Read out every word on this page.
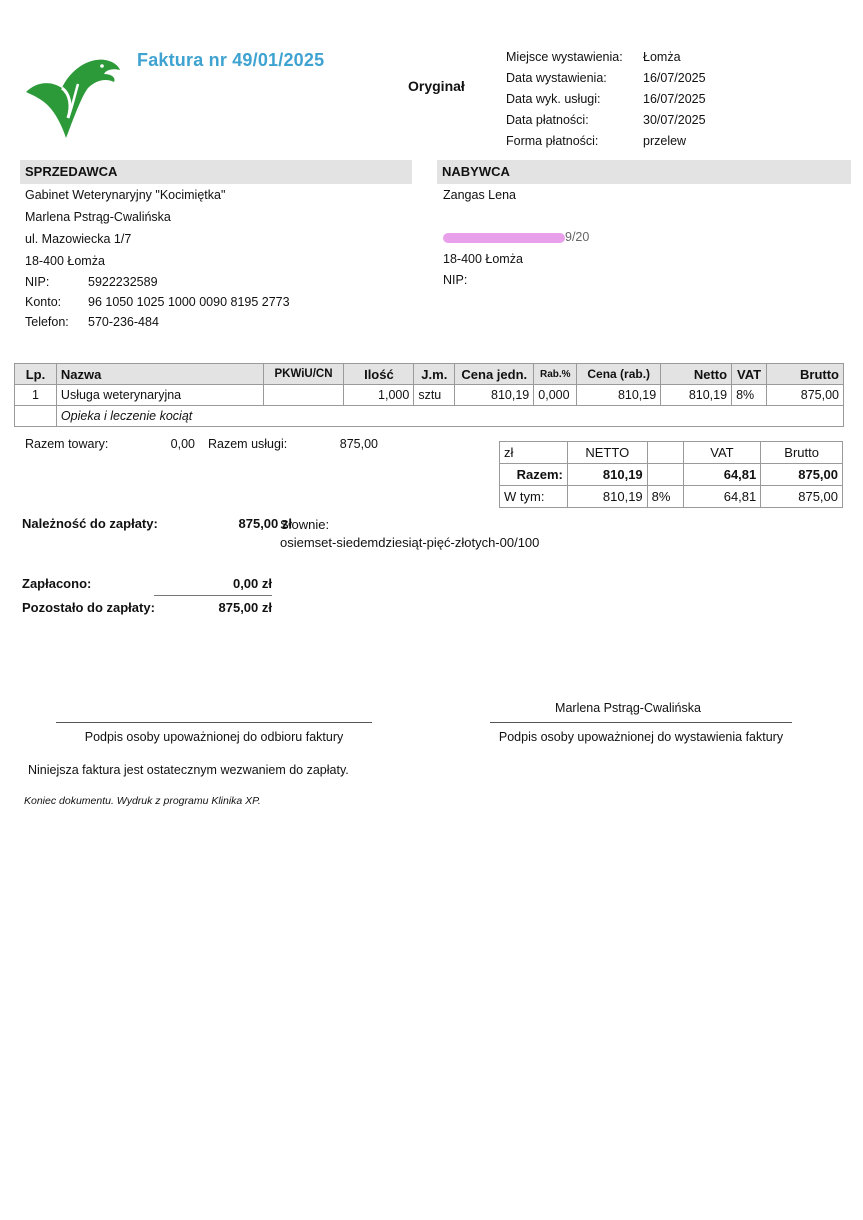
Faktura nr 49/01/2025
Oryginał
Miejsce wystawienia:	Łomża
Data wystawienia:	16/07/2025
Data wyk. usługi:	16/07/2025
Data płatności:	30/07/2025
Forma płatności:	przelew
SPRZEDAWCA	NABYWCA
Gabinet Weterynaryjny "Kocimiętka"
Marlena Pstrąg-Cwalińska
ul. Mazowiecka 1/7
18-400 Łomża
NIP:	5922232589
Konto:	96 1050 1025 1000 0090 8195 2773
Telefon:	570-236-484
Zangas Lena
9/20
18-400 Łomża
NIP:
Lp.	Nazwa	PKWiU/CN	Ilość	J.m.	Cena jedn.	Rab.%	Cena (rab.)	Netto	VAT	Brutto
1	Usługa weterynaryjna		1,000	sztu	810,19	0,000	810,19	810,19	8%	875,00
	Opieka i leczenie kociąt									
Razem towary:	0,00 Razem usługi:	875,00
zł	NETTO		VAT	Brutto
Razem:	810,19		64,81	875,00
W tym:	810,19	8%	64,81	875,00
Należność do zapłaty:	875,00 zł
Słownie:
osiemset-siedemdziesiąt-pięć-złotych-00/100
Zapłacono:	0,00 zł
Pozostało do zapłaty:	875,00 zł
Marlena Pstrąg-Cwalińska
Podpis osoby upoważnionej do odbioru faktury	Podpis osoby upoważnionej do wystawienia faktury
Niniejsza faktura jest ostatecznym wezwaniem do zapłaty.
Koniec dokumentu. Wydruk z programu Klinika XP.
